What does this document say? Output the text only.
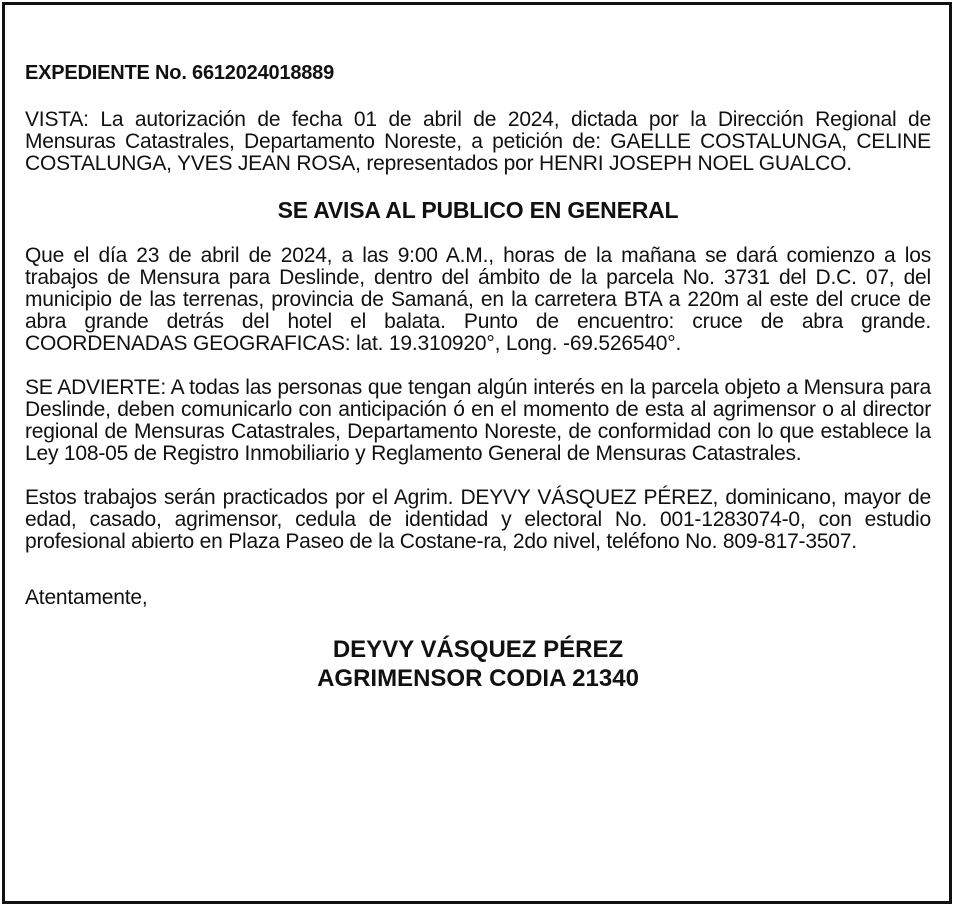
EXPEDIENTE No. 6612024018889

VISTA: La autorización de fecha 01 de abril de 2024, dictada por la Dirección Regional de Mensuras Catastrales, Departamento Noreste, a petición de: GAELLE COSTALUNGA, CELINE COSTALUNGA, YVES JEAN ROSA, representados por HENRI JOSEPH NOEL GUALCO.

SE AVISA AL PUBLICO EN GENERAL

Que el día 23 de abril de 2024, a las 9:00 A.M., horas de la mañana se dará comienzo a los trabajos de Mensura para Deslinde, dentro del ámbito de la parcela No. 3731 del D.C. 07, del municipio de las terrenas, provincia de Samaná, en la carretera BTA a 220m al este del cruce de abra grande detrás del hotel el balata. Punto de encuentro: cruce de abra grande. COORDENADAS GEOGRAFICAS: lat. 19.310920°, Long. -69.526540°.

SE ADVIERTE: A todas las personas que tengan algún interés en la parcela objeto a Mensura para Deslinde, deben comunicarlo con anticipación ó en el momento de esta al agrimensor o al director regional de Mensuras Catastrales, Departamento Noreste, de conformidad con lo que establece la Ley 108-05 de Registro Inmobiliario y Reglamento General de Mensuras Catastrales.

Estos trabajos serán practicados por el Agrim. DEYVY VÁSQUEZ PÉREZ, dominicano, mayor de edad, casado, agrimensor, cedula de identidad y electoral No. 001-1283074-0, con estudio profesional abierto en Plaza Paseo de la Costane-ra, 2do nivel, teléfono No. 809-817-3507.

Atentamente,

DEYVY VÁSQUEZ PÉREZ
AGRIMENSOR CODIA 21340
